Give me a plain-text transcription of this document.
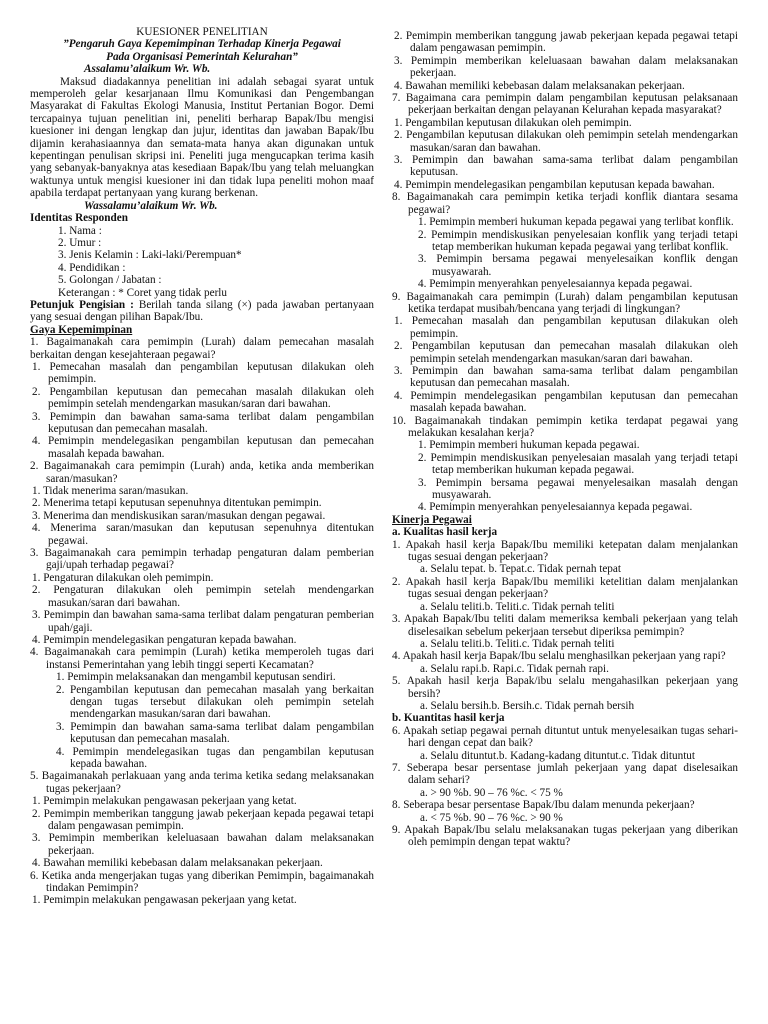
KUESIONER PENELITIAN

”Pengaruh Gaya Kepemimpinan Terhadap Kinerja Pegawai

Pada Organisasi Pemerintah Kelurahan”

Assalamu’alaikum Wr. Wb.

Maksud diadakannya penelitian ini adalah sebagai syarat untuk memperoleh gelar kesarjanaan Ilmu Komunikasi dan Pengembangan Masyarakat di Fakultas Ekologi Manusia, Institut Pertanian Bogor. Demi tercapainya tujuan penelitian ini, peneliti berharap Bapak/Ibu mengisi kuesioner ini dengan lengkap dan jujur, identitas dan jawaban Bapak/Ibu dijamin kerahasiaannya dan semata-mata hanya akan digunakan untuk kepentingan penulisan skripsi ini. Peneliti juga mengucapkan terima kasih yang sebanyak-banyaknya atas kesediaan Bapak/Ibu yang telah meluangkan waktunya untuk mengisi kuesioner ini dan tidak lupa peneliti mohon maaf apabila terdapat pertanyaan yang kurang berkenan.

Wassalamu’alaikum Wr. Wb.

Identitas Responden

1. Nama :

2. Umur :

3. Jenis Kelamin : Laki-laki/Perempuan*

4. Pendidikan :

5. Golongan / Jabatan :

Keterangan : * Coret yang tidak perlu

Petunjuk Pengisian : Berilah tanda silang (×) pada jawaban pertanyaan yang sesuai dengan pilihan Bapak/Ibu.

Gaya Kepemimpinan

1. Bagaimanakah cara pemimpin (Lurah) dalam pemecahan masalah berkaitan dengan kesejahteraan pegawai?

1. Pemecahan masalah dan pengambilan keputusan dilakukan oleh pemimpin.

2. Pengambilan keputusan dan pemecahan masalah dilakukan oleh pemimpin setelah mendengarkan masukan/saran dari bawahan.

3. Pemimpin dan bawahan sama-sama terlibat dalam pengambilan keputusan dan pemecahan masalah.

4. Pemimpin mendelegasikan pengambilan keputusan dan pemecahan masalah kepada bawahan.

2. Bagaimanakah cara pemimpin (Lurah) anda, ketika anda memberikan saran/masukan?

1. Tidak menerima saran/masukan.

2. Menerima tetapi keputusan sepenuhnya ditentukan pemimpin.

3. Menerima dan mendiskusikan saran/masukan dengan pegawai.

4. Menerima saran/masukan dan keputusan sepenuhnya ditentukan pegawai.

3. Bagaimanakah cara pemimpin terhadap pengaturan dalam pemberian gaji/upah terhadap pegawai?

1. Pengaturan dilakukan oleh pemimpin.

2. Pengaturan dilakukan oleh pemimpin setelah mendengarkan masukan/saran dari bawahan.

3. Pemimpin dan bawahan sama-sama terlibat dalam pengaturan pemberian upah/gaji.

4. Pemimpin mendelegasikan pengaturan kepada bawahan.

4. Bagaimanakah cara pemimpin (Lurah) ketika memperoleh tugas dari instansi Pemerintahan yang lebih tinggi seperti Kecamatan?

1. Pemimpin melaksanakan dan mengambil keputusan sendiri.

2. Pengambilan keputusan dan pemecahan masalah yang berkaitan dengan tugas tersebut dilakukan oleh pemimpin setelah mendengarkan masukan/saran dari bawahan.

3. Pemimpin dan bawahan sama-sama terlibat dalam pengambilan keputusan dan pemecahan masalah.

4. Pemimpin mendelegasikan tugas dan pengambilan keputusan kepada bawahan.

5. Bagaimanakah perlakuaan yang anda terima ketika sedang melaksanakan tugas pekerjaan?

1. Pemimpin melakukan pengawasan pekerjaan yang ketat.

2. Pemimpin memberikan tanggung jawab pekerjaan kepada pegawai tetapi dalam pengawasan pemimpin.

3. Pemimpin memberikan keleluasaan bawahan dalam melaksanakan pekerjaan.

4. Bawahan memiliki kebebasan dalam melaksanakan pekerjaan.

6. Ketika anda mengerjakan tugas yang diberikan Pemimpin, bagaimanakah tindakan Pemimpin?

1. Pemimpin melakukan pengawasan pekerjaan yang ketat.

2. Pemimpin memberikan tanggung jawab pekerjaan kepada pegawai tetapi dalam pengawasan pemimpin.

3. Pemimpin memberikan keleluasaan bawahan dalam melaksanakan pekerjaan.

4. Bawahan memiliki kebebasan dalam melaksanakan pekerjaan.

7. Bagaimana cara pemimpin dalam pengambilan keputusan pelaksanaan pekerjaan berkaitan dengan pelayanan Kelurahan kepada masyarakat?

1. Pengambilan keputusan dilakukan oleh pemimpin.

2. Pengambilan keputusan dilakukan oleh pemimpin setelah mendengarkan masukan/saran dan bawahan.

3. Pemimpin dan bawahan sama-sama terlibat dalam pengambilan keputusan.

4. Pemimpin mendelegasikan pengambilan keputusan kepada bawahan.

8. Bagaimanakah cara pemimpin ketika terjadi konflik diantara sesama pegawai?

1. Pemimpin memberi hukuman kepada pegawai yang terlibat konflik.

2. Pemimpin mendiskusikan penyelesaian konflik yang terjadi tetapi tetap memberikan hukuman kepada pegawai yang terlibat konflik.

3. Pemimpin bersama pegawai menyelesaikan konflik dengan musyawarah.

4. Pemimpin menyerahkan penyelesaiannya kepada pegawai.

9. Bagaimanakah cara pemimpin (Lurah) dalam pengambilan keputusan ketika terdapat musibah/bencana yang terjadi di lingkungan?

1. Pemecahan masalah dan pengambilan keputusan dilakukan oleh pemimpin.

2. Pengambilan keputusan dan pemecahan masalah dilakukan oleh pemimpin setelah mendengarkan masukan/saran dari bawahan.

3. Pemimpin dan bawahan sama-sama terlibat dalam pengambilan keputusan dan pemecahan masalah.

4. Pemimpin mendelegasikan pengambilan keputusan dan pemecahan masalah kepada bawahan.

10. Bagaimanakah tindakan pemimpin ketika terdapat pegawai yang melakukan kesalahan kerja?

1. Pemimpin memberi hukuman kepada pegawai.

2. Pemimpin mendiskusikan penyelesaian masalah yang terjadi tetapi tetap memberikan hukuman kepada pegawai.

3. Pemimpin bersama pegawai menyelesaikan masalah dengan musyawarah.

4. Pemimpin menyerahkan penyelesaiannya kepada pegawai.

Kinerja Pegawai

a. Kualitas hasil kerja

1. Apakah hasil kerja Bapak/Ibu memiliki ketepatan dalam menjalankan tugas sesuai dengan pekerjaan?

a. Selalu tepat. b. Tepat.c. Tidak pernah tepat

2. Apakah hasil kerja Bapak/Ibu memiliki ketelitian dalam menjalankan tugas sesuai dengan pekerjaan?

a. Selalu teliti.b. Teliti.c. Tidak pernah teliti

3. Apakah Bapak/Ibu teliti dalam memeriksa kembali pekerjaan yang telah diselesaikan sebelum pekerjaan tersebut diperiksa pemimpin?

a. Selalu teliti.b. Teliti.c. Tidak pernah teliti

4. Apakah hasil kerja Bapak/Ibu selalu menghasilkan pekerjaan yang rapi?

a. Selalu rapi.b. Rapi.c. Tidak pernah rapi.

5. Apakah hasil kerja Bapak/ibu selalu mengahasilkan pekerjaan yang bersih?

a. Selalu bersih.b. Bersih.c. Tidak pernah bersih

b. Kuantitas hasil kerja

6. Apakah setiap pegawai pernah dituntut untuk menyelesaikan tugas sehari-hari dengan cepat dan baik?

a. Selalu dituntut.b. Kadang-kadang dituntut.c. Tidak dituntut

7. Seberapa besar persentase jumlah pekerjaan yang dapat diselesaikan dalam sehari?

a. > 90 %b. 90 – 76 %c. < 75 %

8. Seberapa besar persentase Bapak/Ibu dalam menunda pekerjaan?

a. < 75 %b. 90 – 76 %c. > 90 %

9. Apakah Bapak/Ibu selalu melaksanakan tugas pekerjaan yang diberikan oleh pemimpin dengan tepat waktu?
